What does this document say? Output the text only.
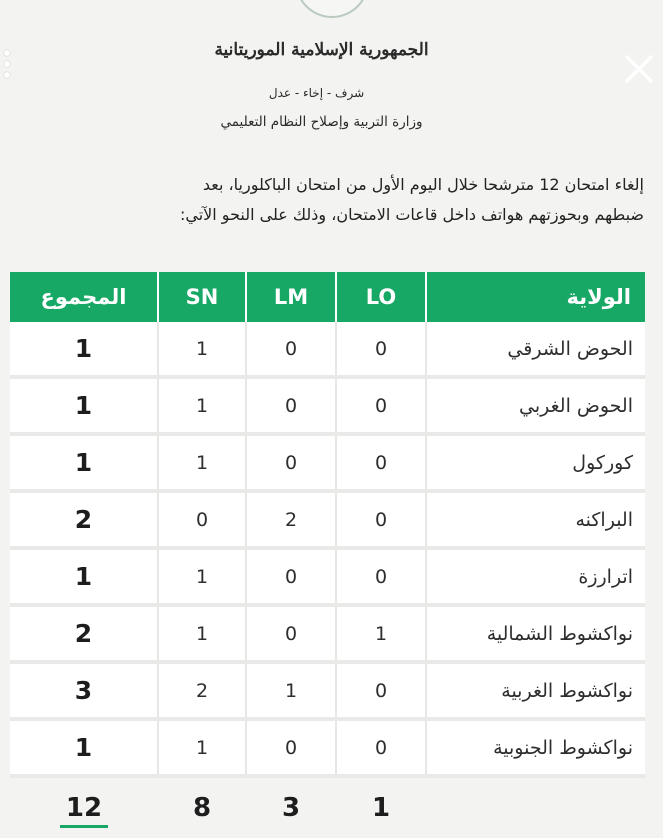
الجمهورية الإسلامية الموريتانية
شرف - إخاء - عدل
وزارة التربية وإصلاح النظام التعليمي
إلغاء امتحان 12 مترشحا خلال اليوم الأول من امتحان الباكلوريا، بعد
ضبطهم وبحوزتهم هواتف داخل قاعات الامتحان، وذلك على النحو الآتي:
المجموع	SN	LM	LO	الولاية
1	1	0	0	الحوض الشرقي
1	1	0	0	الحوض الغربي
1	1	0	0	كوركول
2	0	2	0	البراكنه
1	1	0	0	اترارزة
2	1	0	1	نواكشوط الشمالية
3	2	1	0	نواكشوط الغربية
1	1	0	0	نواكشوط الجنوبية
12	8	3	1	
